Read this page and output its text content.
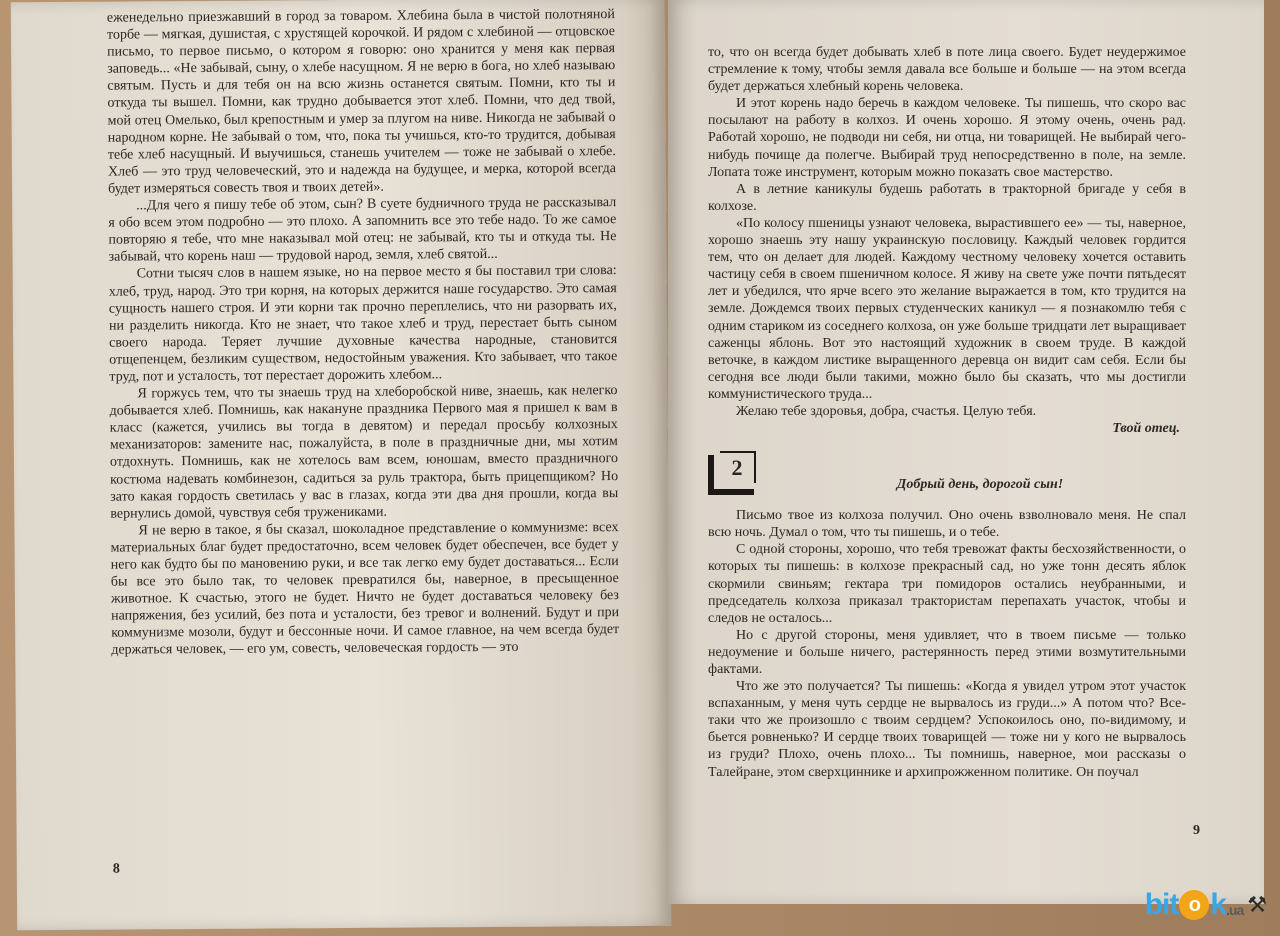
еженедельно приезжавший в город за товаром. Хлебина была в чистой полотняной торбе — мягкая, душистая, с хрустящей корочкой. И рядом с хлебиной — отцовское письмо, то первое письмо, о котором я говорю: оно хранится у меня как первая заповедь... «Не забывай, сыну, о хлебе насущном. Я не верю в бога, но хлеб называю святым. Пусть и для тебя он на всю жизнь останется святым. Помни, кто ты и откуда ты вышел. Помни, как трудно добывается этот хлеб. Помни, что дед твой, мой отец Омелько, был крепостным и умер за плугом на ниве. Никогда не забывай о народном корне. Не забывай о том, что, пока ты учишься, кто-то трудится, добывая тебе хлеб насущный. И выучишься, станешь учителем — тоже не забывай о хлебе. Хлеб — это труд человеческий, это и надежда на будущее, и мерка, которой всегда будет измеряться совесть твоя и твоих детей».

...Для чего я пишу тебе об этом, сын? В суете будничного труда не рассказывал я обо всем этом подробно — это плохо. А запомнить все это тебе надо. То же самое повторяю я тебе, что мне наказывал мой отец: не забывай, кто ты и откуда ты. Не забывай, что корень наш — трудовой народ, земля, хлеб святой...

Сотни тысяч слов в нашем языке, но на первое место я бы поставил три слова: хлеб, труд, народ. Это три корня, на которых держится наше государство. Это самая сущность нашего строя. И эти корни так прочно переплелись, что ни разорвать их, ни разделить никогда. Кто не знает, что такое хлеб и труд, перестает быть сыном своего народа. Теряет лучшие духовные качества народные, становится отщепенцем, безликим существом, недостойным уважения. Кто забывает, что такое труд, пот и усталость, тот перестает дорожить хлебом...

Я горжусь тем, что ты знаешь труд на хлеборобской ниве, знаешь, как нелегко добывается хлеб. Помнишь, как накануне праздника Первого мая я пришел к вам в класс (кажется, учились вы тогда в девятом) и передал просьбу колхозных механизаторов: замените нас, пожалуйста, в поле в праздничные дни, мы хотим отдохнуть. Помнишь, как не хотелось вам всем, юношам, вместо праздничного костюма надевать комбинезон, садиться за руль трактора, быть прицепщиком? Но зато какая гордость светилась у вас в глазах, когда эти два дня прошли, когда вы вернулись домой, чувствуя себя тружениками.

Я не верю в такое, я бы сказал, шоколадное представление о коммунизме: всех материальных благ будет предостаточно, всем человек будет обеспечен, все будет у него как будто бы по мановению руки, и все так легко ему будет доставаться... Если бы все это было так, то человек превратился бы, наверное, в пресыщенное животное. К счастью, этого не будет. Ничто не будет доставаться человеку без напряжения, без усилий, без пота и усталости, без тревог и волнений. Будут и при коммунизме мозоли, будут и бессонные ночи. И самое главное, на чем всегда будет держаться человек, — его ум, совесть, человеческая гордость — это

8

то, что он всегда будет добывать хлеб в поте лица своего. Будет неудержимое стремление к тому, чтобы земля давала все больше и больше — на этом всегда будет держаться хлебный корень человека.

И этот корень надо беречь в каждом человеке. Ты пишешь, что скоро вас посылают на работу в колхоз. И очень хорошо. Я этому очень, очень рад. Работай хорошо, не подводи ни себя, ни отца, ни товарищей. Не выбирай чего-нибудь почище да полегче. Выбирай труд непосредственно в поле, на земле. Лопата тоже инструмент, которым можно показать свое мастерство.

А в летние каникулы будешь работать в тракторной бригаде у себя в колхозе.

«По колосу пшеницы узнают человека, вырастившего ее» — ты, наверное, хорошо знаешь эту нашу украинскую пословицу. Каждый человек гордится тем, что он делает для людей. Каждому честному человеку хочется оставить частицу себя в своем пшеничном колосе. Я живу на свете уже почти пятьдесят лет и убедился, что ярче всего это желание выражается в том, кто трудится на земле. Дождемся твоих первых студенческих каникул — я познакомлю тебя с одним стариком из соседнего колхоза, он уже больше тридцати лет выращивает саженцы яблонь. Вот это настоящий художник в своем труде. В каждой веточке, в каждом листике выращенного деревца он видит сам себя. Если бы сегодня все люди были такими, можно было бы сказать, что мы достигли коммунистического труда...

Желаю тебе здоровья, добра, счастья. Целую тебя.

Твой отец.

2
Добрый день, дорогой сын!

Письмо твое из колхоза получил. Оно очень взволновало меня. Не спал всю ночь. Думал о том, что ты пишешь, и о тебе.

С одной стороны, хорошо, что тебя тревожат факты бесхозяйственности, о которых ты пишешь: в колхозе прекрасный сад, но уже тонн десять яблок скормили свиньям; гектара три помидоров остались неубранными, и председатель колхоза приказал трактористам перепахать участок, чтобы и следов не осталось...

Но с другой стороны, меня удивляет, что в твоем письме — только недоумение и больше ничего, растерянность перед этими возмутительными фактами.

Что же это получается? Ты пишешь: «Когда я увидел утром этот участок вспаханным, у меня чуть сердце не вырвалось из груди...» А потом что? Все-таки что же произошло с твоим сердцем? Успокоилось оно, по-видимому, и бьется ровненько? И сердце твоих товарищей — тоже ни у кого не вырвалось из груди? Плохо, очень плохо... Ты помнишь, наверное, мои рассказы о Талейране, этом сверхциннике и архипрожженном политике. Он поучал

9
bit o k .ua ⚒
